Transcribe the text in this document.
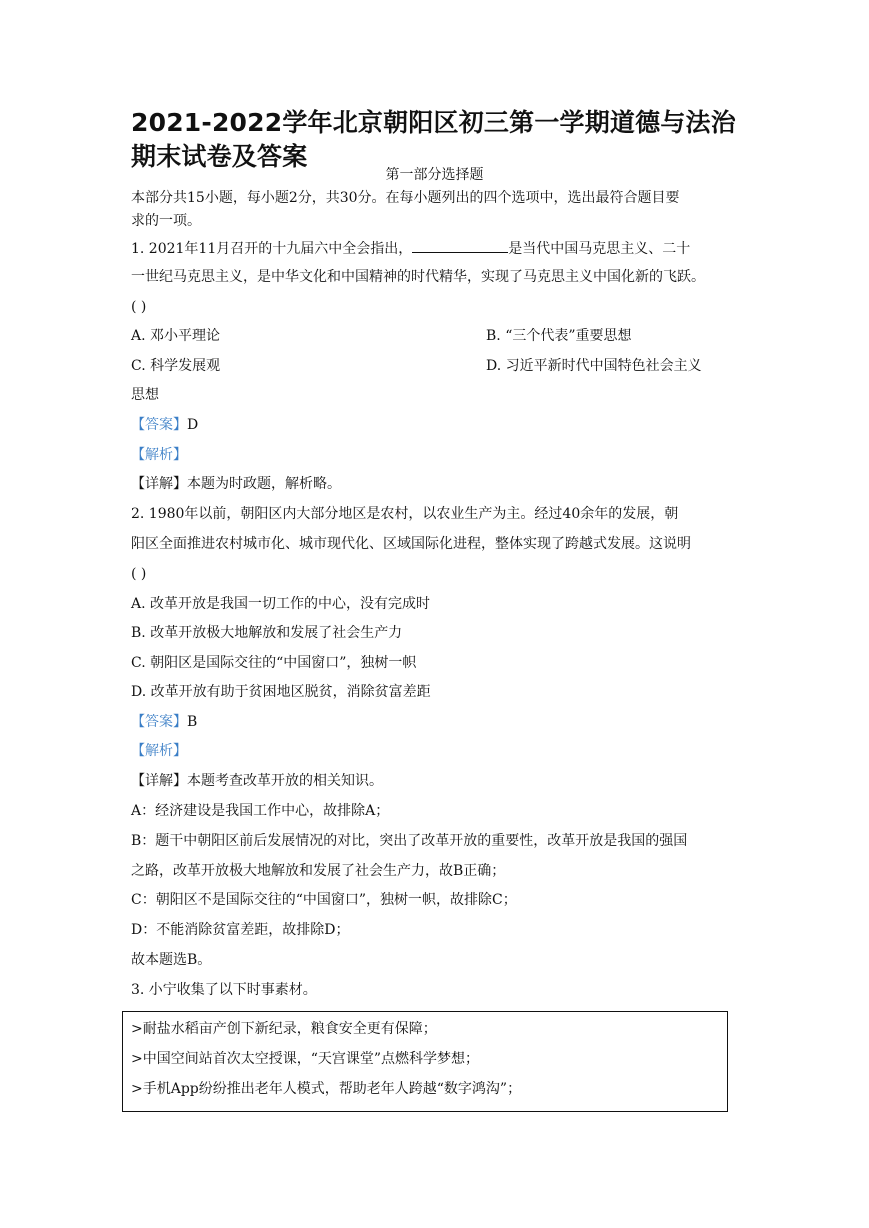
2021-2022学年北京朝阳区初三第一学期道德与法治期末试卷及答案
第一部分选择题
本部分共15小题，每小题2分，共30分。在每小题列出的四个选项中，选出最符合题目要
求的一项。
1. 2021年11月召开的十九届六中全会指出，	是当代中国马克思主义、二十
一世纪马克思主义，是中华文化和中国精神的时代精华，实现了马克思主义中国化新的飞跃。
( )
A. 邓小平理论	B. “三个代表”重要思想
C. 科学发展观	D. 习近平新时代中国特色社会主义
思想
【答案】D
【解析】
【详解】本题为时政题，解析略。
2. 1980年以前，朝阳区内大部分地区是农村，以农业生产为主。经过40余年的发展，朝
阳区全面推进农村城市化、城市现代化、区域国际化进程，整体实现了跨越式发展。这说明
( )
A. 改革开放是我国一切工作的中心，没有完成时
B. 改革开放极大地解放和发展了社会生产力
C. 朝阳区是国际交往的“中国窗口”，独树一帜
D. 改革开放有助于贫困地区脱贫，消除贫富差距
【答案】B
【解析】
【详解】本题考查改革开放的相关知识。
A：经济建设是我国工作中心，故排除A；
B：题干中朝阳区前后发展情况的对比，突出了改革开放的重要性，改革开放是我国的强国
之路，改革开放极大地解放和发展了社会生产力，故B正确；
C：朝阳区不是国际交往的“中国窗口”，独树一帜，故排除C；
D：不能消除贫富差距，故排除D；
故本题选B。
3. 小宁收集了以下时事素材。
>耐盐水稻亩产创下新纪录，粮食安全更有保障；
>中国空间站首次太空授课，“天宫课堂”点燃科学梦想；
>手机App纷纷推出老年人模式，帮助老年人跨越“数字鸿沟”；
